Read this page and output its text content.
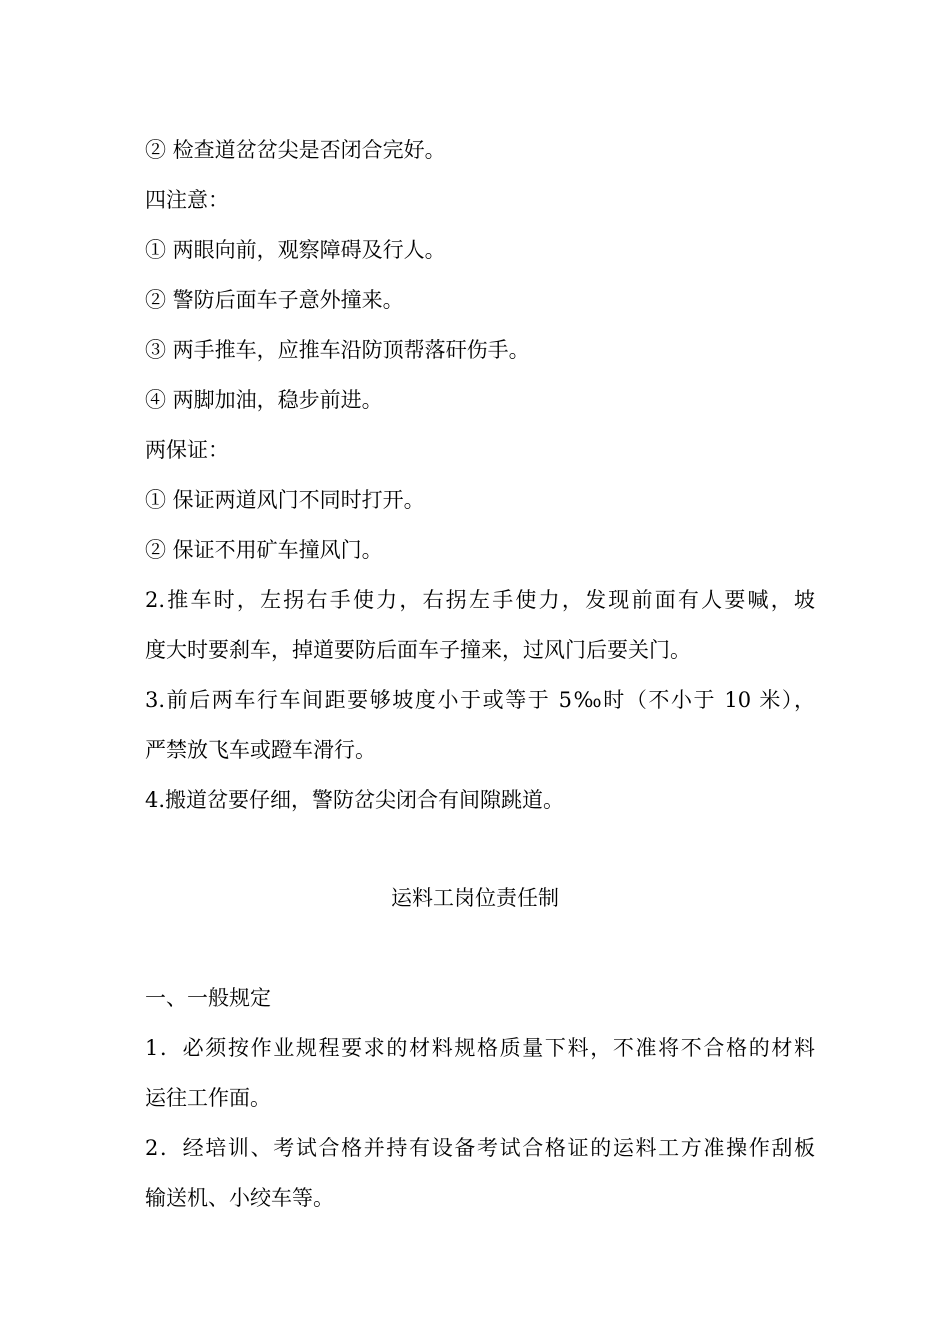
② 检查道岔岔尖是否闭合完好。
四注意：
① 两眼向前，观察障碍及行人。
② 警防后面车子意外撞来。
③ 两手推车，应推车沿防顶帮落矸伤手。
④ 两脚加油，稳步前进。
两保证：
① 保证两道风门不同时打开。
② 保证不用矿车撞风门。
2.推车时，左拐右手使力，右拐左手使力，发现前面有人要喊，坡
度大时要刹车，掉道要防后面车子撞来，过风门后要关门。
3.前后两车行车间距要够坡度小于或等于 5‰时（不小于 10 米），
严禁放飞车或蹬车滑行。
4.搬道岔要仔细，警防岔尖闭合有间隙跳道。
运料工岗位责任制
一、一般规定
1．必须按作业规程要求的材料规格质量下料，不准将不合格的材料
运往工作面。
2．经培训、考试合格并持有设备考试合格证的运料工方准操作刮板
输送机、小绞车等。
